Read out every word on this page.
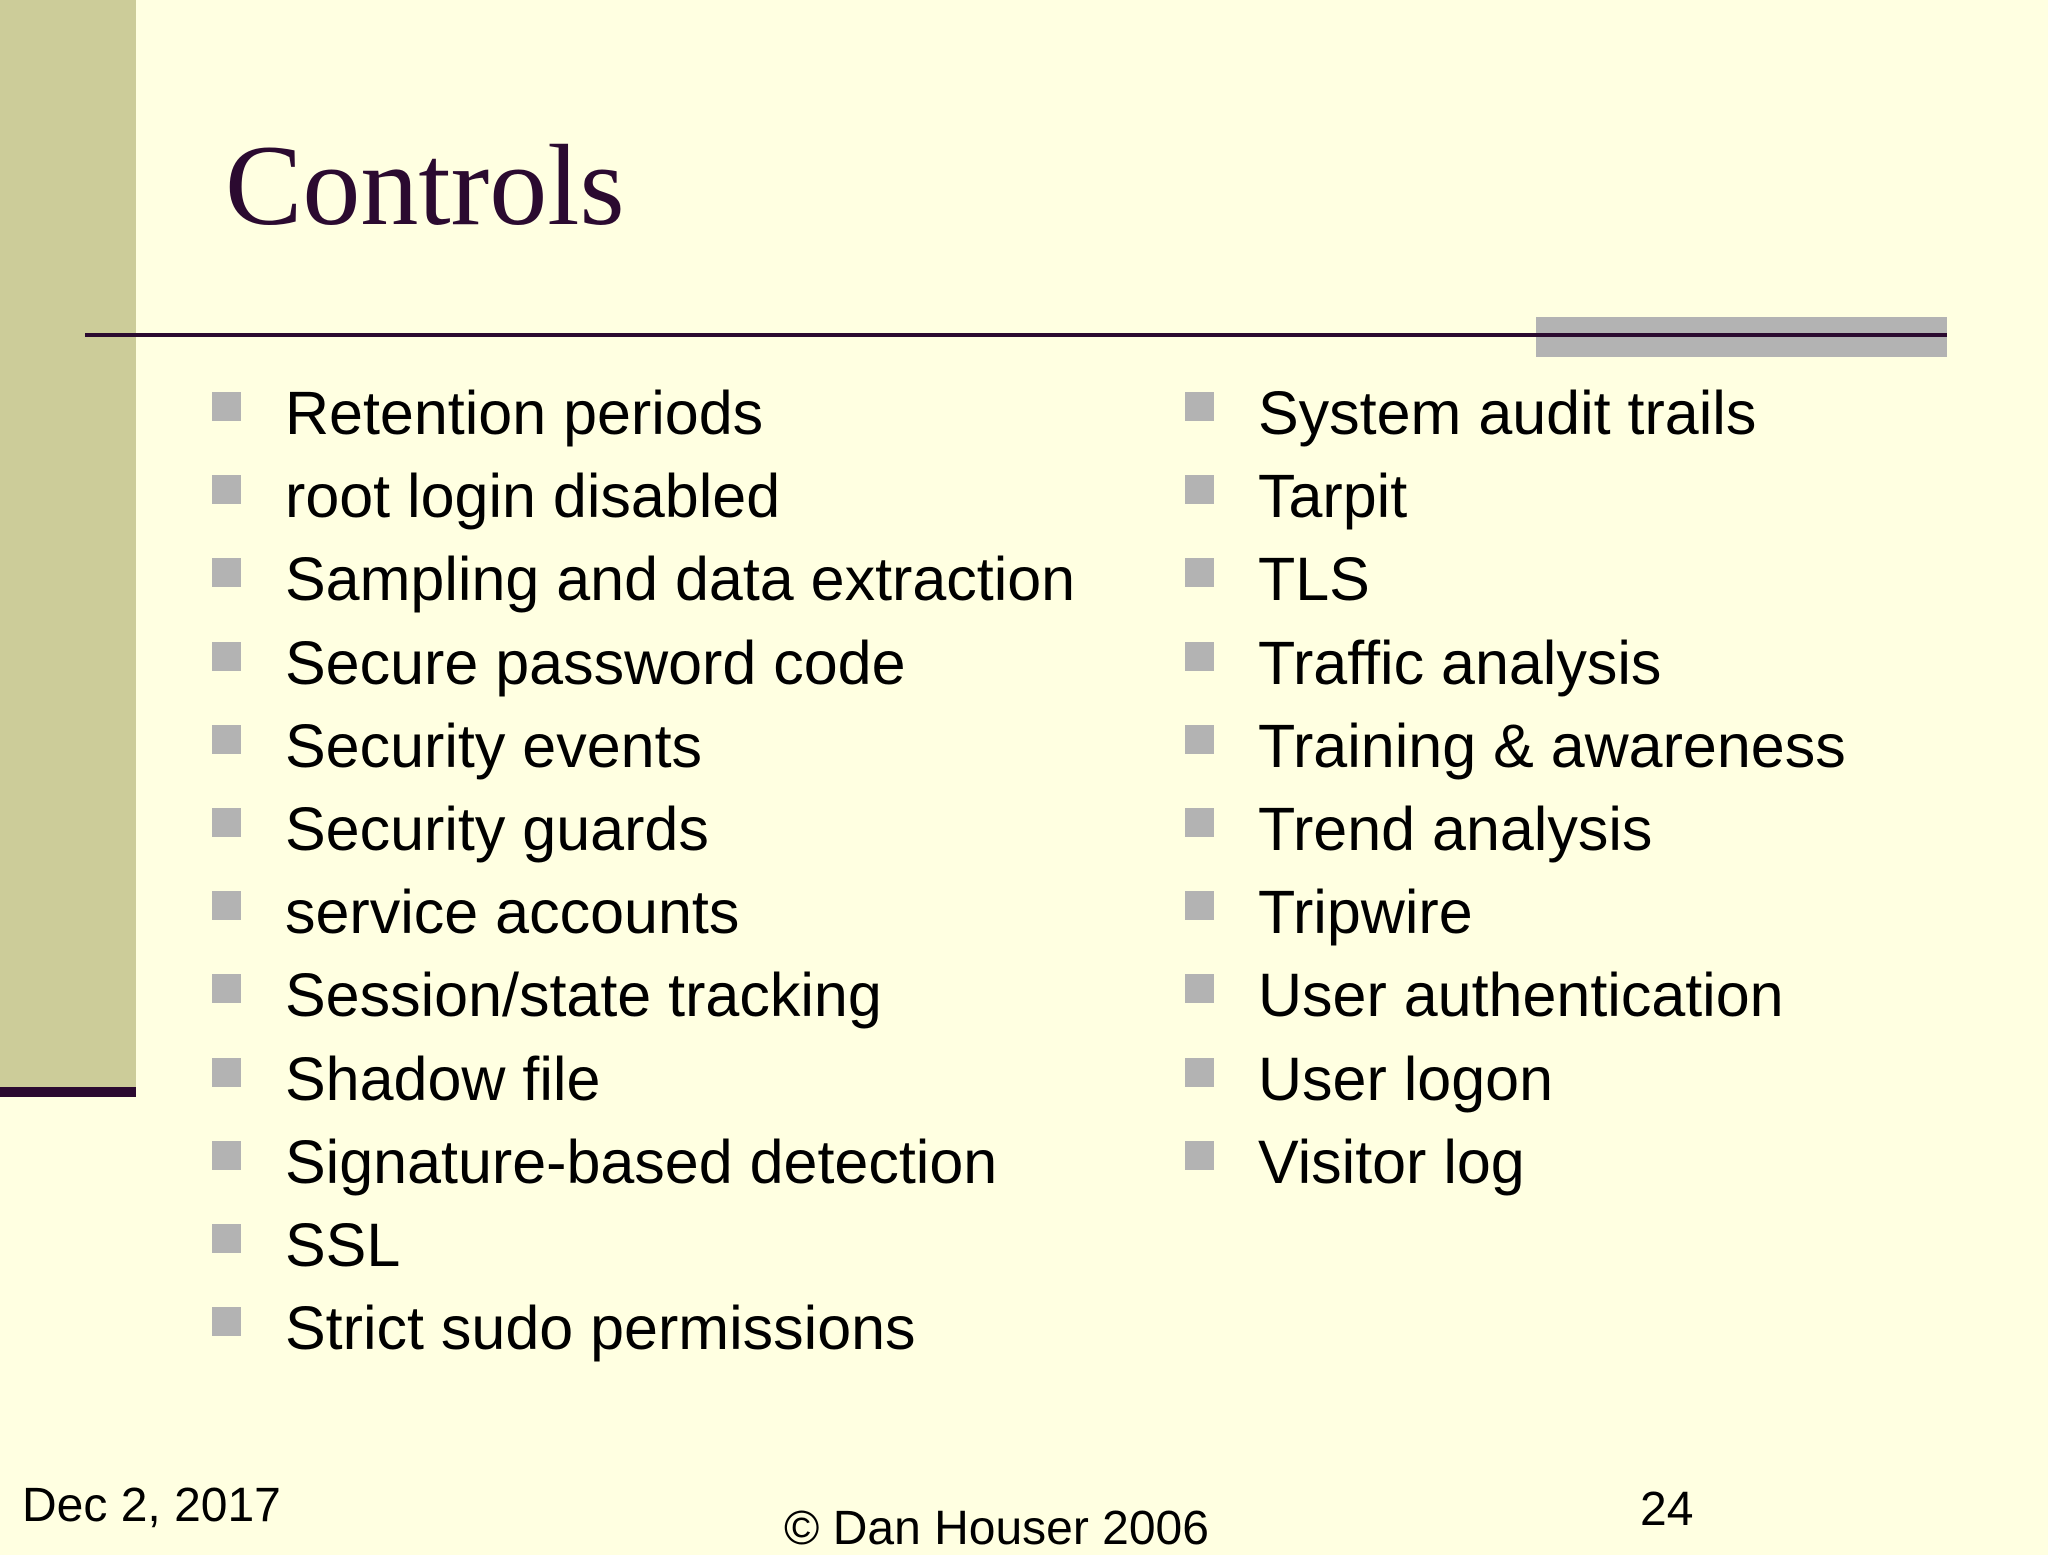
Controls
Retention periods
root login disabled
Sampling and data extraction
Secure password code
Security events
Security guards
service accounts
Session/state tracking
Shadow file
Signature-based detection
SSL
Strict sudo permissions
System audit trails
Tarpit
TLS
Traffic analysis
Training & awareness
Trend analysis
Tripwire
User authentication
User logon
Visitor log
Dec 2, 2017	© Dan Houser 2006	24
